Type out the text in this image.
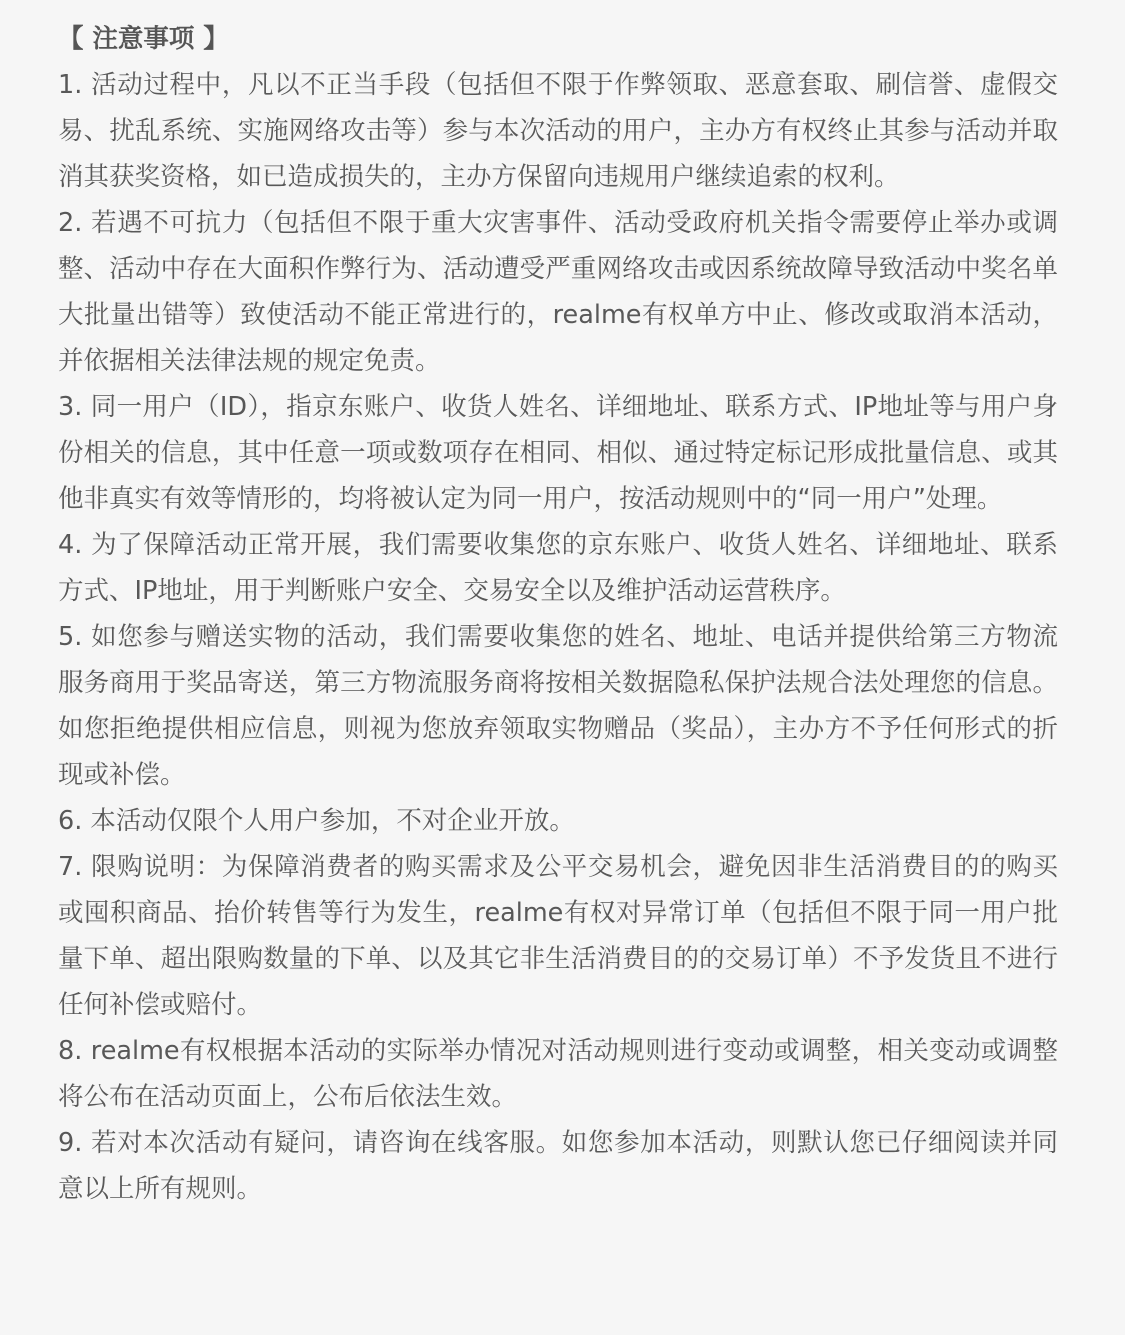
【 注意事项 】

1. 活动过程中，凡以不正当手段（包括但不限于作弊领取、恶意套取、刷信誉、虚假交易、扰乱系统、实施网络攻击等）参与本次活动的用户，主办方有权终止其参与活动并取消其获奖资格，如已造成损失的，主办方保留向违规用户继续追索的权利。

2. 若遇不可抗力（包括但不限于重大灾害事件、活动受政府机关指令需要停止举办或调整、活动中存在大面积作弊行为、活动遭受严重网络攻击或因系统故障导致活动中奖名单大批量出错等）致使活动不能正常进行的，realme有权单方中止、修改或取消本活动，并依据相关法律法规的规定免责。

3. 同一用户（ID），指京东账户、收货人姓名、详细地址、联系方式、IP地址等与用户身份相关的信息，其中任意一项或数项存在相同、相似、通过特定标记形成批量信息、或其他非真实有效等情形的，均将被认定为同一用户，按活动规则中的“同一用户”处理。

4. 为了保障活动正常开展，我们需要收集您的京东账户、收货人姓名、详细地址、联系方式、IP地址，用于判断账户安全、交易安全以及维护活动运营秩序。

5. 如您参与赠送实物的活动，我们需要收集您的姓名、地址、电话并提供给第三方物流服务商用于奖品寄送，第三方物流服务商将按相关数据隐私保护法规合法处理您的信息。如您拒绝提供相应信息，则视为您放弃领取实物赠品（奖品），主办方不予任何形式的折现或补偿。

6. 本活动仅限个人用户参加，不对企业开放。

7. 限购说明：为保障消费者的购买需求及公平交易机会，避免因非生活消费目的的购买或囤积商品、抬价转售等行为发生，realme有权对异常订单（包括但不限于同一用户批量下单、超出限购数量的下单、以及其它非生活消费目的的交易订单）不予发货且不进行任何补偿或赔付。

8. realme有权根据本活动的实际举办情况对活动规则进行变动或调整，相关变动或调整将公布在活动页面上，公布后依法生效。

9. 若对本次活动有疑问，请咨询在线客服。如您参加本活动，则默认您已仔细阅读并同意以上所有规则。
